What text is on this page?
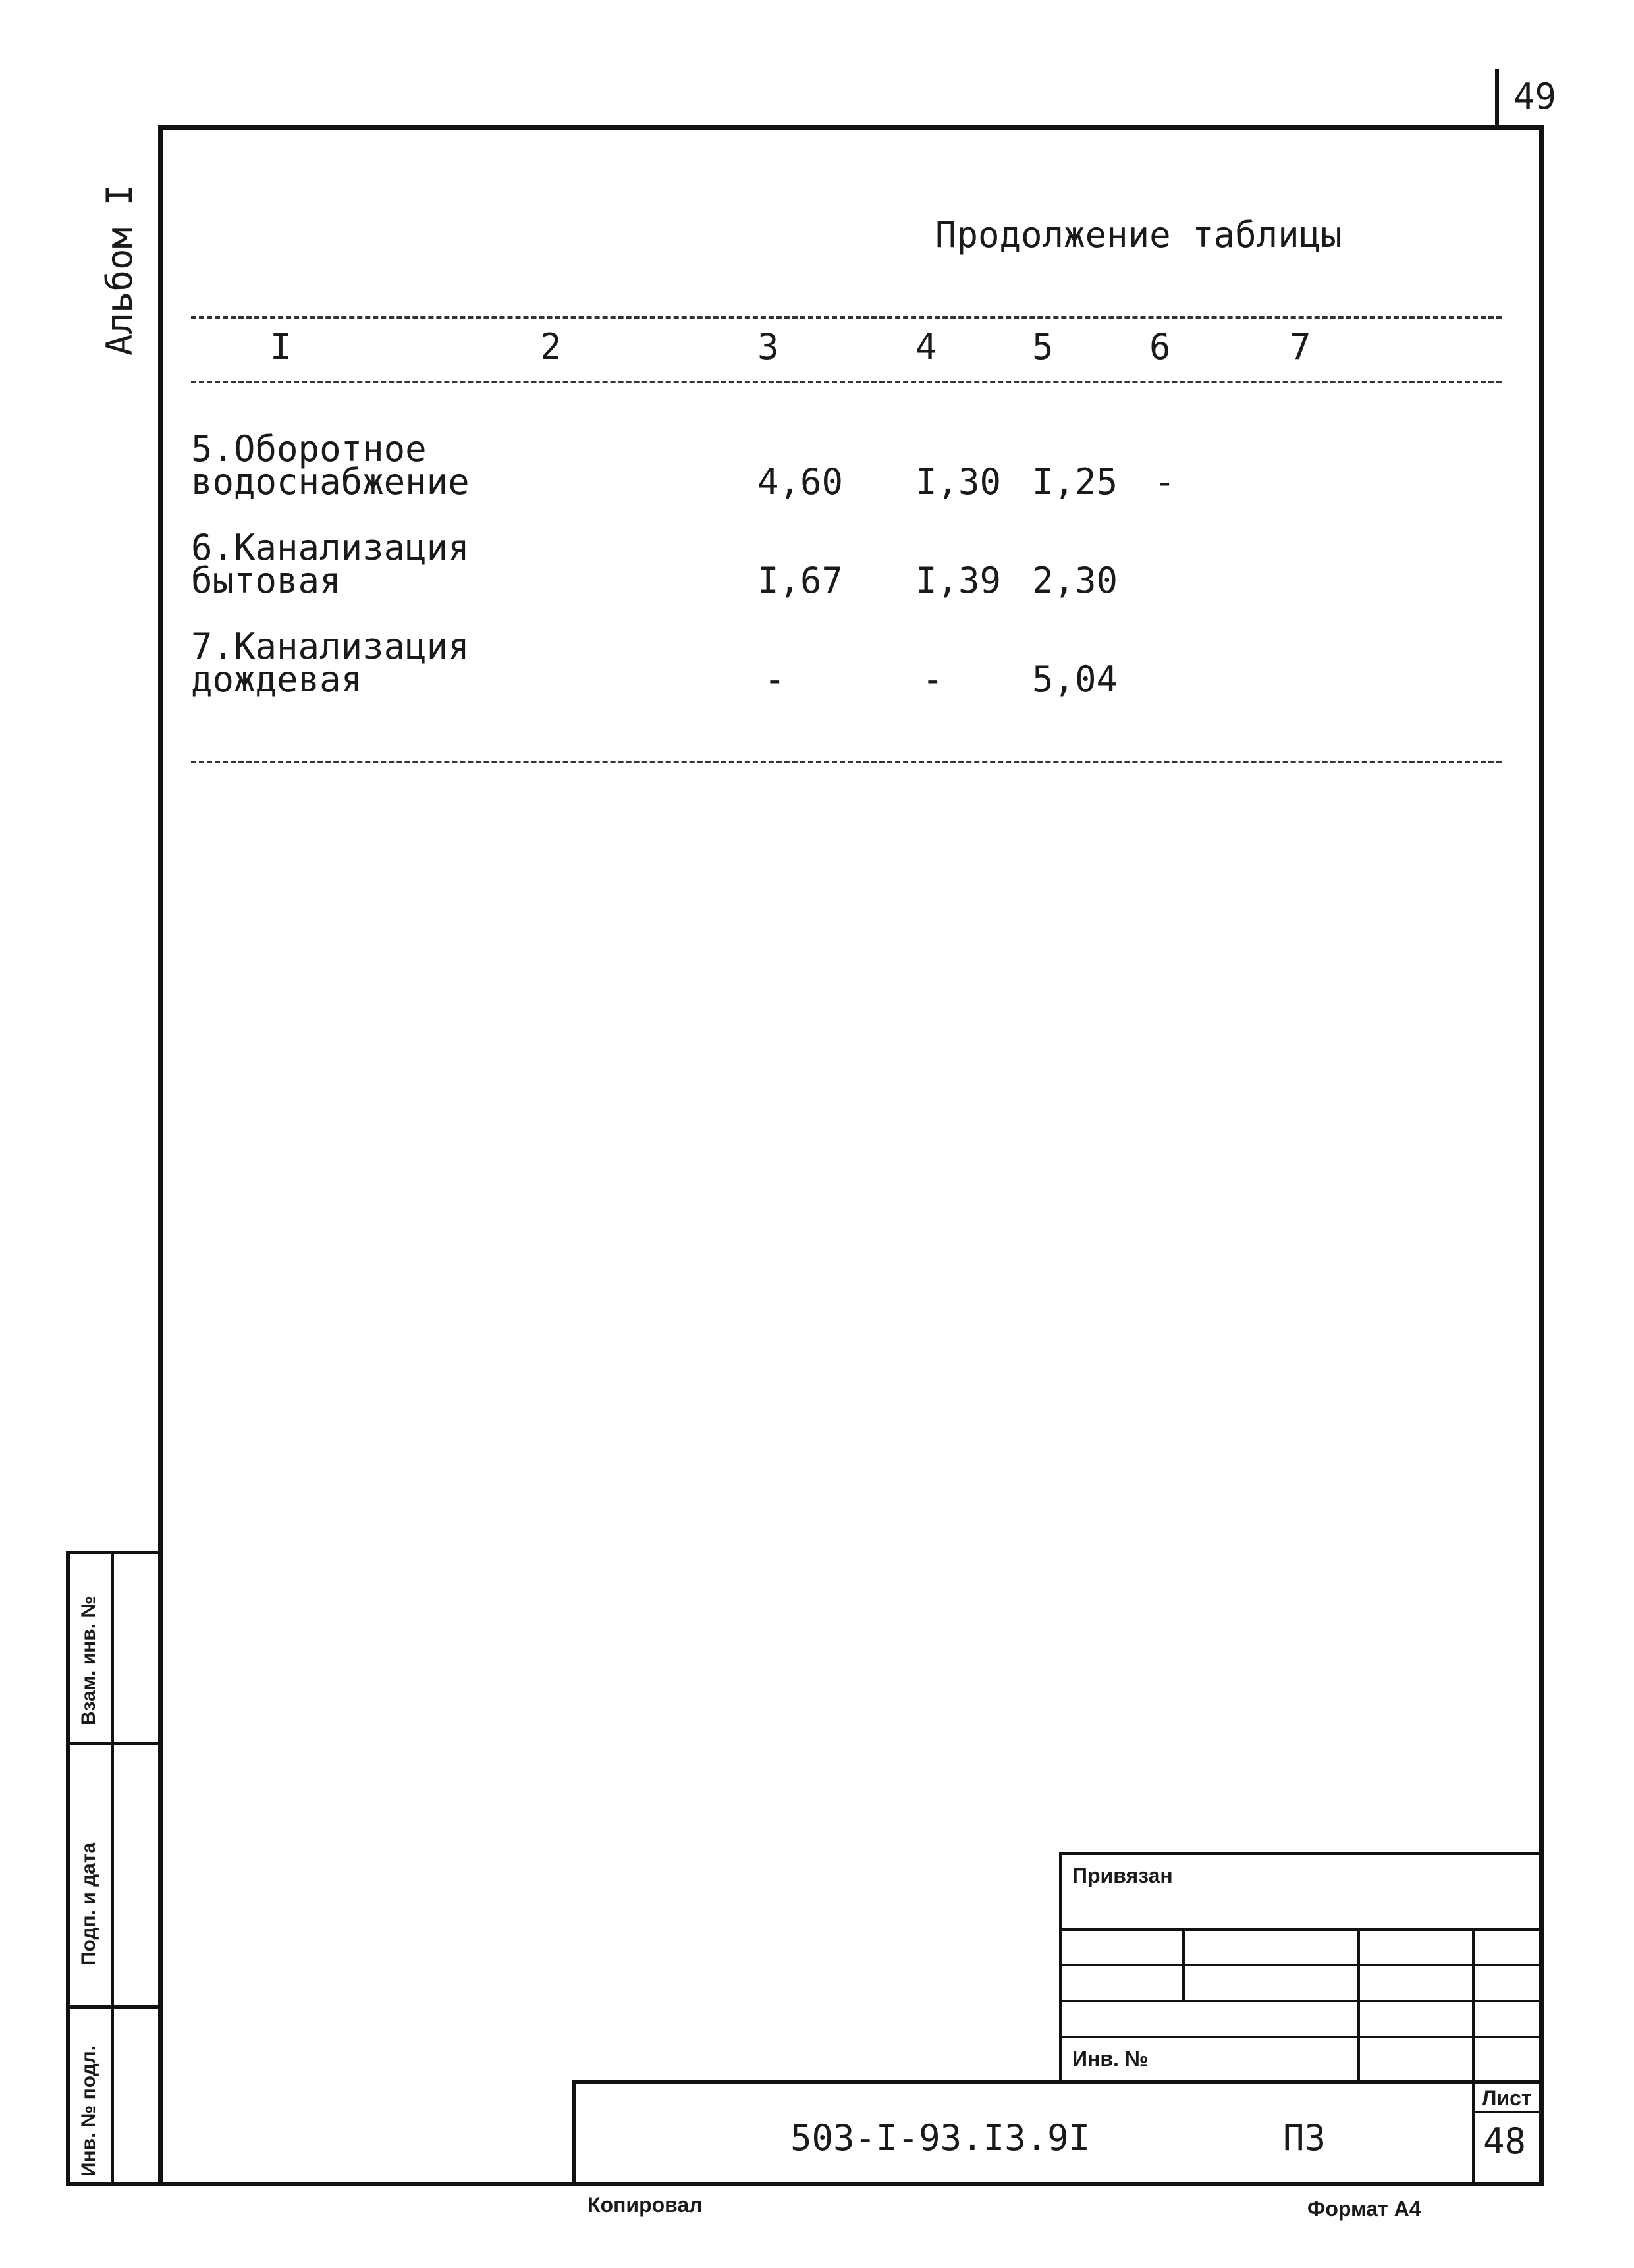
49
Альбом I	Продолжение таблицы
I	2	3	4	5	6	7
5.Оборотное
водоснабжение	4,60 I,30 I,25 -
6.Канализация
бытовая	I,67 I,39 2,30
7.Канализация
дождевая	-	- 5,04
Взам. инв. №
Подп. и дата
Инв. № подл.
Привязан
Инв. №
503-I-93.I3.9I	ПЗ
Лист
48
Копировал	Формат А4
